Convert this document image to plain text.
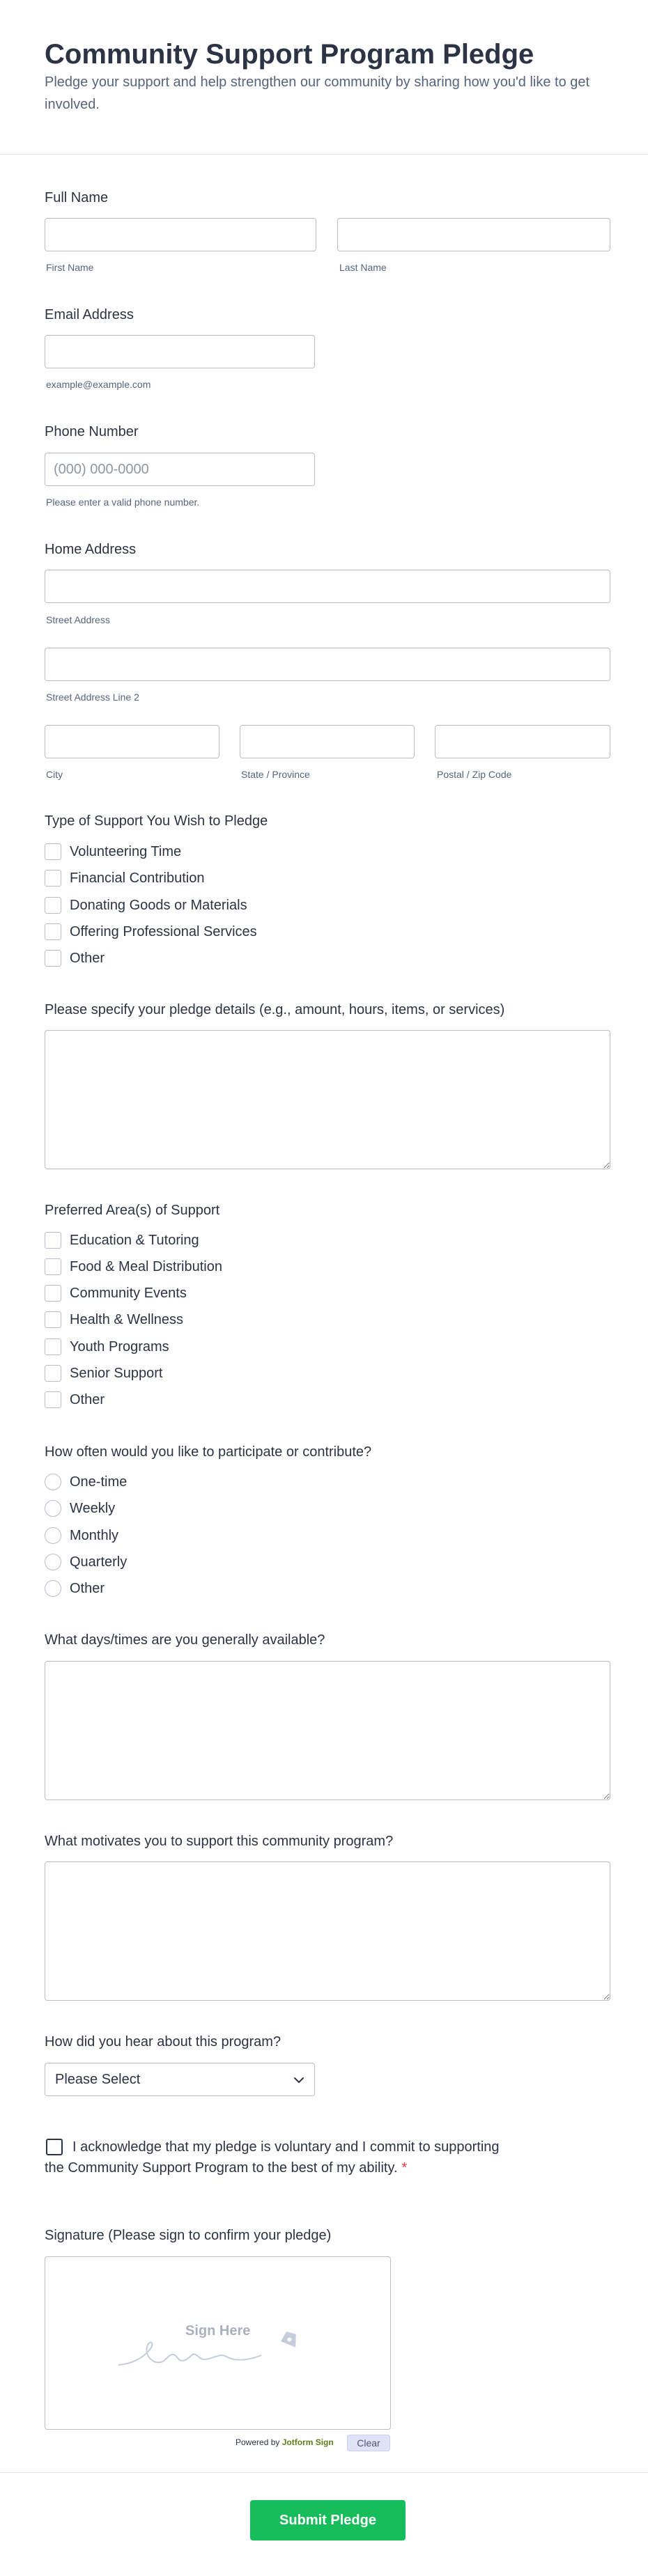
Community Support Program Pledge

Pledge your support and help strengthen our community by sharing how you'd like to get involved.

Full Name
First Name	Last Name
Email Address
example@example.com
Phone Number
(000) 000-0000
Please enter a valid phone number.
Home Address
Street Address
Street Address Line 2
City	State / Province	Postal / Zip Code
Type of Support You Wish to Pledge
Volunteering Time
Financial Contribution
Donating Goods or Materials
Offering Professional Services
Other
Please specify your pledge details (e.g., amount, hours, items, or services)
Preferred Area(s) of Support
Education & Tutoring
Food & Meal Distribution
Community Events
Health & Wellness
Youth Programs
Senior Support
Other
How often would you like to participate or contribute?
One-time
Weekly
Monthly
Quarterly
Other
What days/times are you generally available?
What motivates you to support this community program?
How did you hear about this program?
Please Select
I acknowledge that my pledge is voluntary and I commit to supporting
the Community Support Program to the best of my ability. *
Signature (Please sign to confirm your pledge)
Sign Here
Powered by Jotform Sign	Clear
Submit Pledge
